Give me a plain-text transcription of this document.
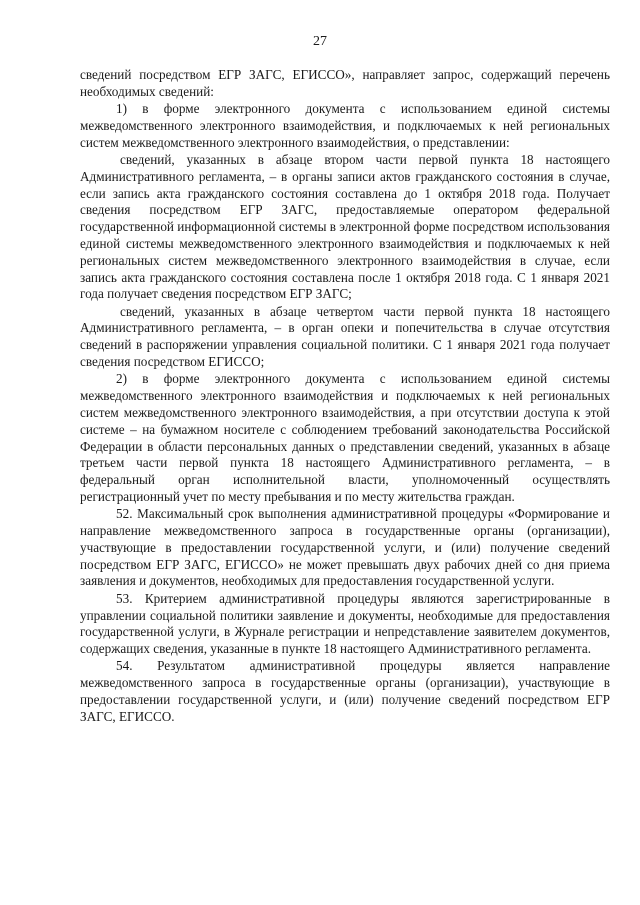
27

сведений посредством ЕГР ЗАГС, ЕГИССО», направляет запрос, содержащий перечень необходимых сведений:

1) в форме электронного документа с использованием единой системы межведомственного электронного взаимодействия, и подключаемых к ней региональных систем межведомственного электронного взаимодействия, о представлении:

сведений, указанных в абзаце втором части первой пункта 18 настоящего Административного регламента, – в органы записи актов гражданского состояния в случае, если запись акта гражданского состояния составлена до 1 октября 2018 года. Получает сведения посредством ЕГР ЗАГС, предоставляемые оператором федеральной государственной информационной системы в электронной форме посредством использования единой системы межведомственного электронного взаимодействия и подключаемых к ней региональных систем межведомственного электронного взаимодействия в случае, если запись акта гражданского состояния составлена после 1 октября 2018 года. С 1 января 2021 года получает сведения посредством ЕГР ЗАГС;

сведений, указанных в абзаце четвертом части первой пункта 18 настоящего Административного регламента, – в орган опеки и попечительства в случае отсутствия сведений в распоряжении управления социальной политики. С 1 января 2021 года получает сведения посредством ЕГИССО;

2) в форме электронного документа с использованием единой системы межведомственного электронного взаимодействия и подключаемых к ней региональных систем межведомственного электронного взаимодействия, а при отсутствии доступа к этой системе – на бумажном носителе с соблюдением требований законодательства Российской Федерации в области персональных данных о представлении сведений, указанных в абзаце третьем части первой пункта 18 настоящего Административного регламента, – в федеральный орган исполнительной власти, уполномоченный осуществлять регистрационный учет по месту пребывания и по месту жительства граждан.

52. Максимальный срок выполнения административной процедуры «Формирование и направление межведомственного запроса в государственные органы (организации), участвующие в предоставлении государственной услуги, и (или) получение сведений посредством ЕГР ЗАГС, ЕГИССО» не может превышать двух рабочих дней со дня приема заявления и документов, необходимых для предоставления государственной услуги.

53. Критерием административной процедуры являются зарегистрированные в управлении социальной политики заявление и документы, необходимые для предоставления государственной услуги, в Журнале регистрации и непредставление заявителем документов, содержащих сведения, указанные в пункте 18 настоящего Административного регламента.

54. Результатом административной процедуры является направление межведомственного запроса в государственные органы (организации), участвующие в предоставлении государственной услуги, и (или) получение сведений посредством ЕГР ЗАГС, ЕГИССО.
